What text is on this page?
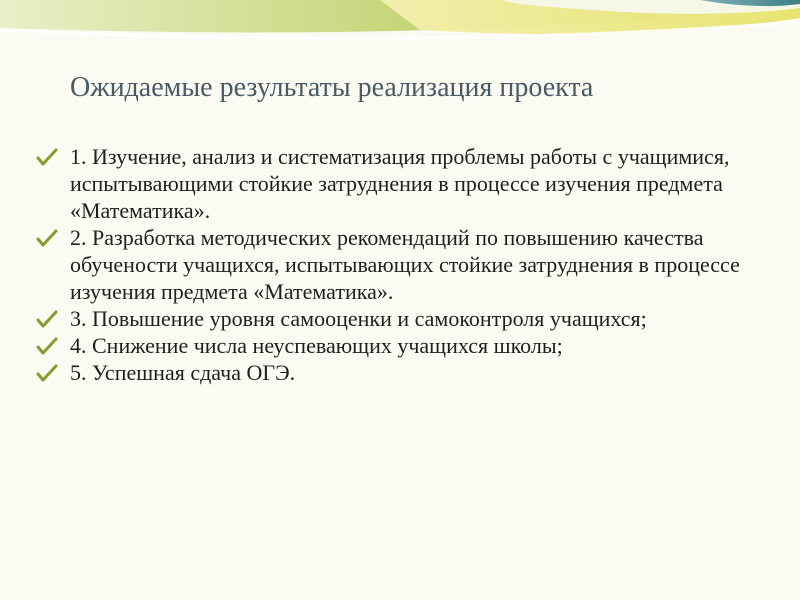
Ожидаемые результаты реализация проекта
1. Изучение, анализ и систематизация проблемы работы с учащимися, испытывающими стойкие затруднения в процессе изучения предмета «Математика».
2. Разработка методических рекомендаций по повышению качества обучености учащихся, испытывающих стойкие затруднения в процессе изучения предмета «Математика».
3. Повышение уровня самооценки и самоконтроля учащихся;
4. Снижение числа неуспевающих учащихся школы;
5. Успешная сдача ОГЭ.
